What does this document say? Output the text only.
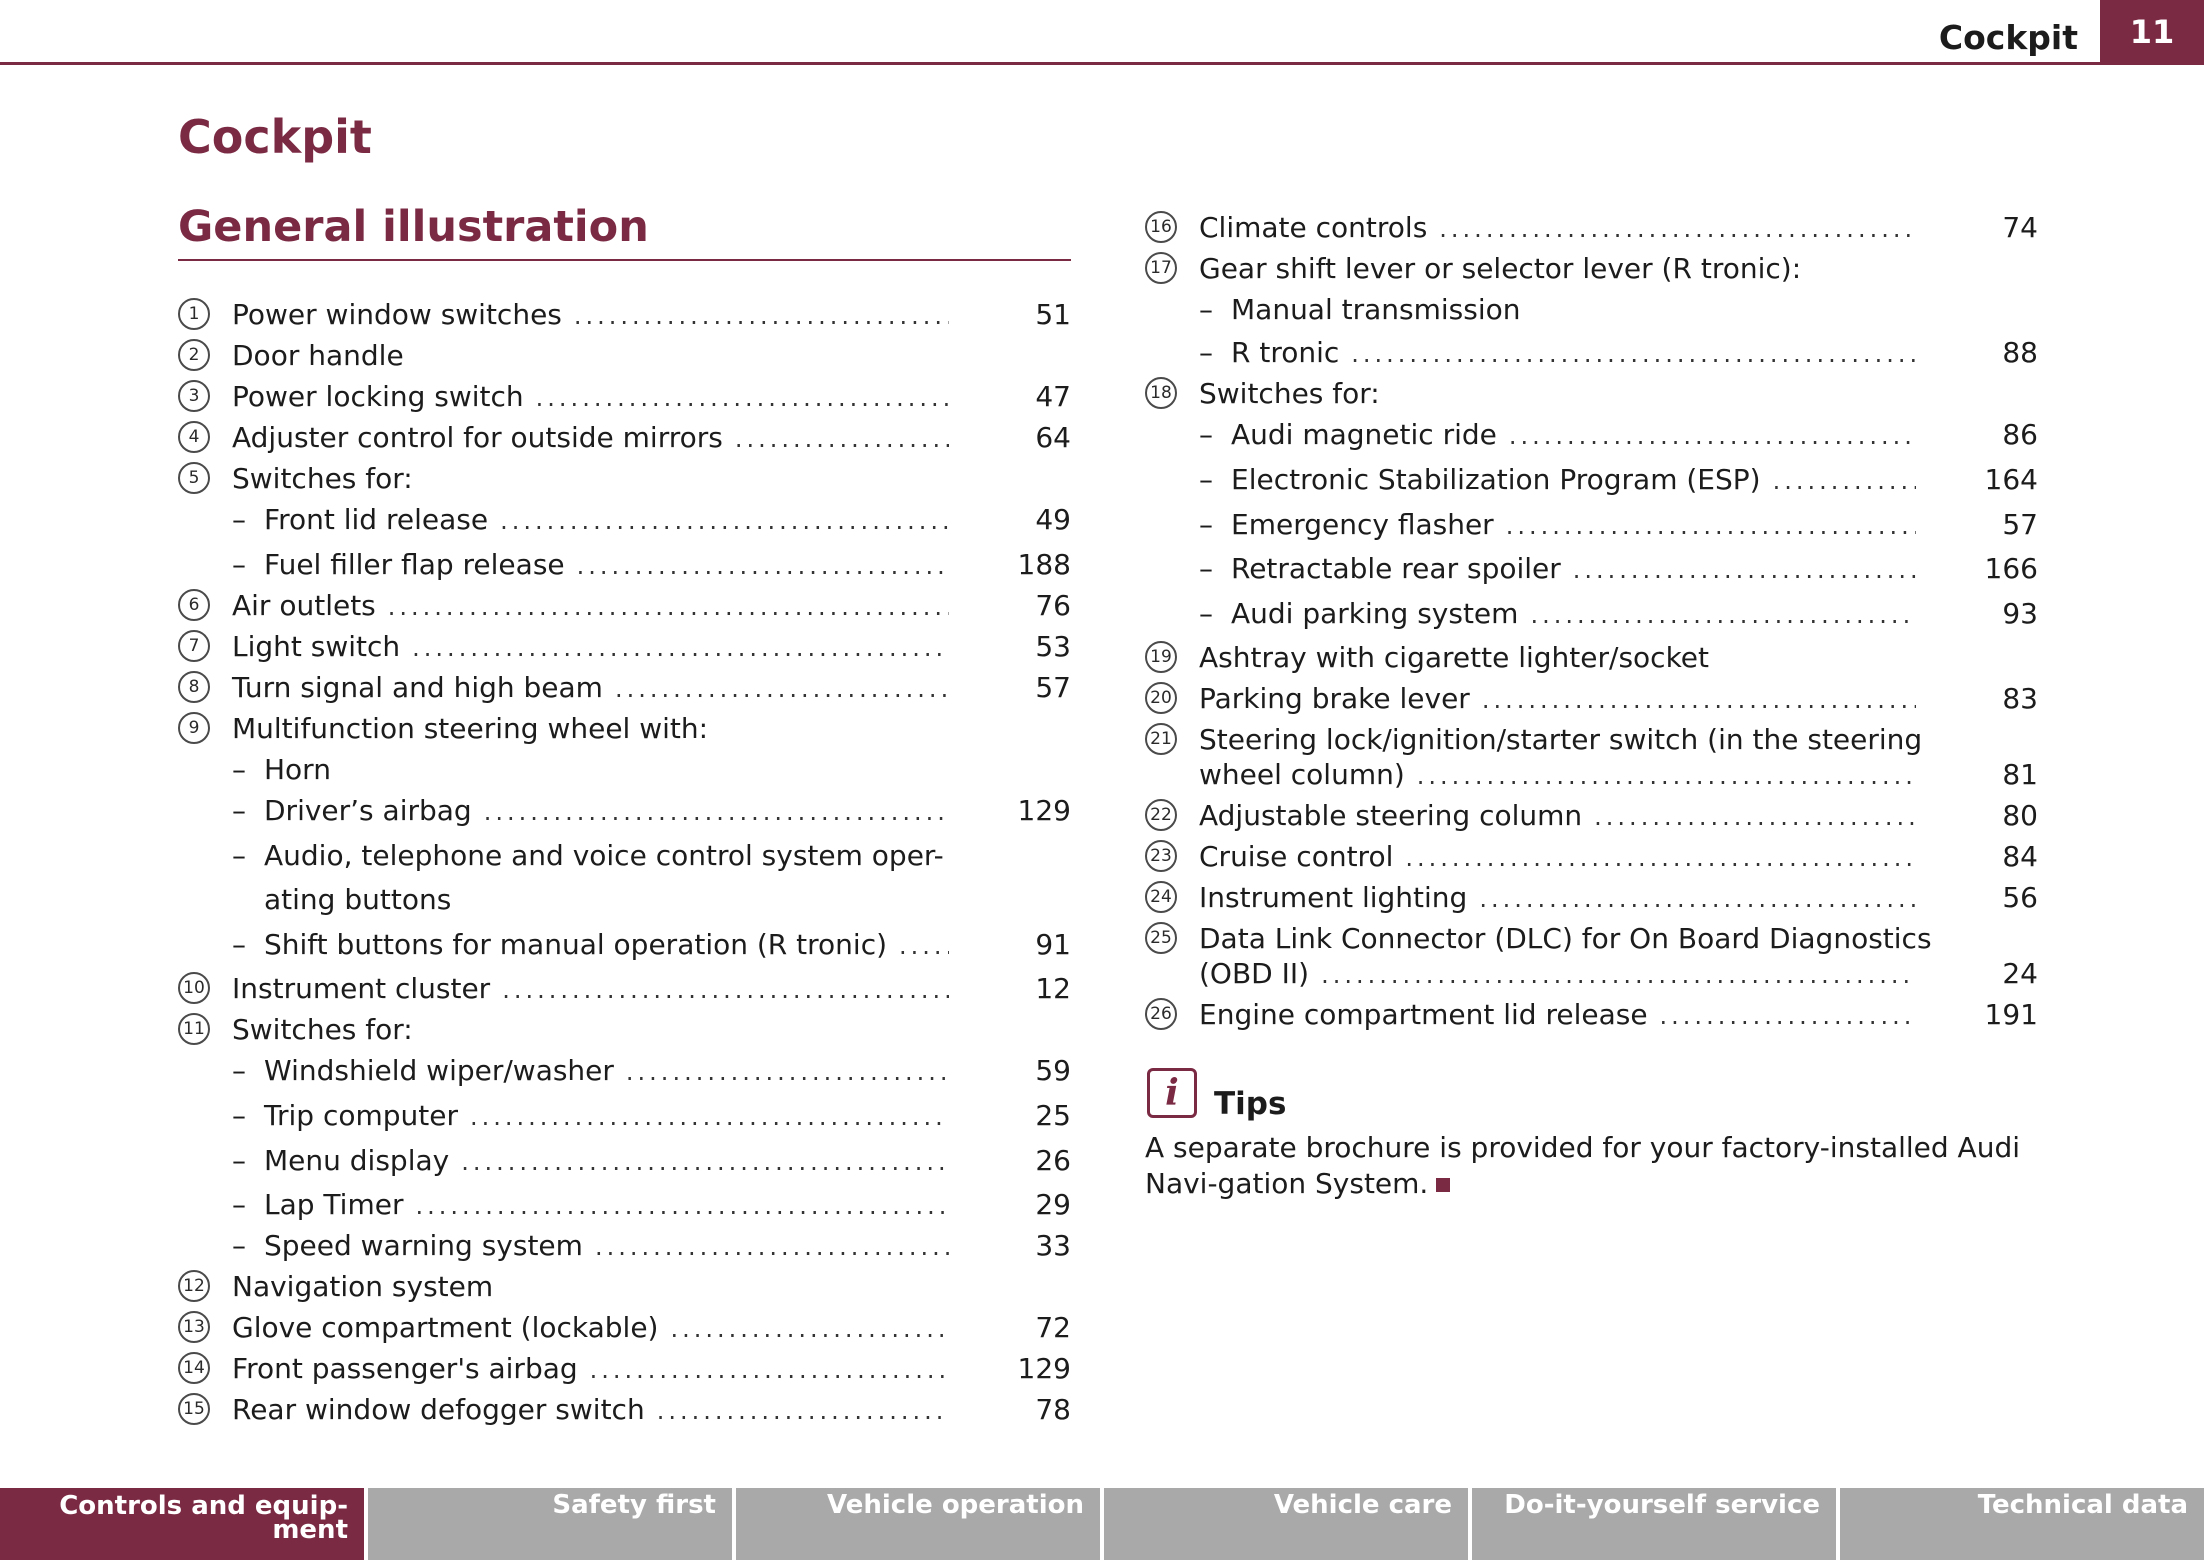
Cockpit	11
Cockpit
General illustration
1	Power window switches .....	51
2	Door handle
3	Power locking switch .....	47
4	Adjuster control for outside mirrors .....	64
5	Switches for:
– Front lid release .....	49
– Fuel filler flap release .....	188
6	Air outlets .....	76
7	Light switch .....	53
8	Turn signal and high beam .....	57
9	Multifunction steering wheel with:
– Horn
– Driver’s airbag .....	129
– Audio, telephone and voice control system oper-
ating buttons
– Shift buttons for manual operation (R tronic) .....	91
10 Instrument cluster .....	12
11 Switches for:
– Windshield wiper/washer .....	59
– Trip computer .....	25
– Menu display .....	26
– Lap Timer .....	29
– Speed warning system .....	33
12 Navigation system
13 Glove compartment (lockable) .....	72
14 Front passenger's airbag .....	129
15 Rear window defogger switch .....	78
16 Climate controls .....	74
17 Gear shift lever or selector lever (R tronic):
– Manual transmission
– R tronic .....	88
18 Switches for:
– Audi magnetic ride .....	86
– Electronic Stabilization Program (ESP) .....	164
– Emergency flasher .....	57
– Retractable rear spoiler .....	166
– Audi parking system .....	93
19 Ashtray with cigarette lighter/socket
20 Parking brake lever .....	83
21 Steering lock/ignition/starter switch (in the steering
wheel column) .....	81
22 Adjustable steering column .....	80
23 Cruise control .....	84
24 Instrument lighting .....	56
25 Data Link Connector (DLC) for On Board Diagnostics
(OBD II) .....	24
26 Engine compartment lid release .....	191
i	Tips
A separate brochure is provided for your factory-installed Audi Navi-gation System.
Controls and equip-
ment
Safety first	Vehicle operation	Vehicle care	Do-it-yourself service	Technical data
